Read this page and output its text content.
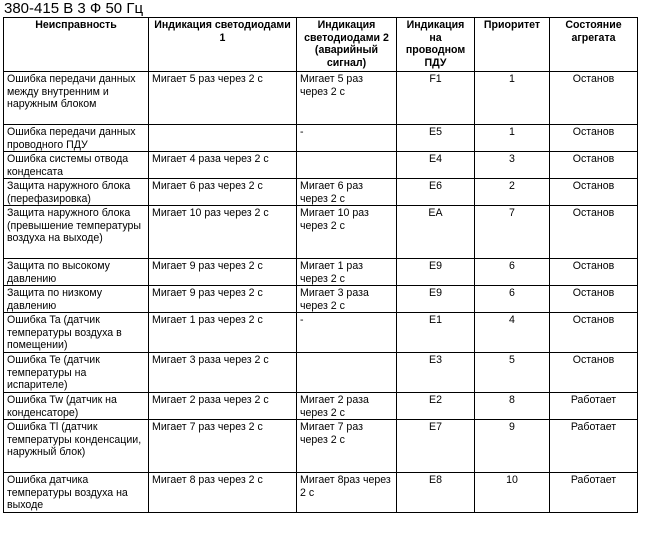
380-415 В 3 Ф 50 Гц
Неисправность	Индикация светодиодами 1	Индикация светодиодами 2 (аварийный сигнал)	Индикация на проводном ПДУ	Приоритет	Состояние агрегата
Ошибка передачи данных между внутренним и наружным блоком	Мигает 5 раз через 2 с	Мигает 5 раз через 2 с	F1	1	Останов
Ошибка передачи данных проводного ПДУ		-	E5	1	Останов
Ошибка системы отвода конденсата	Мигает 4 раза через 2 с		E4	3	Останов
Защита наружного блока (перефазировка)	Мигает 6 раз через 2 с	Мигает 6 раз через 2 с	E6	2	Останов
Защита наружного блока (превышение температуры воздуха на выходе)	Мигает 10 раз через 2 с	Мигает 10 раз через 2 с	EA	7	Останов
Защита по высокому давлению	Мигает 9 раз через 2 с	Мигает 1 раз через 2 с	E9	6	Останов
Защита по низкому давлению	Мигает 9 раз через 2 с	Мигает 3 раза через 2 с	E9	6	Останов
Ошибка Ta (датчик температуры воздуха в помещении)	Мигает 1 раз через 2 с	-	E1	4	Останов
Ошибка Te (датчик температуры на испарителе)	Мигает 3 раза через 2 с		E3	5	Останов
Ошибка Tw (датчик на конденсаторе)	Мигает 2 раза через 2 с	Мигает 2 раза через 2 с	E2	8	Работает
Ошибка Tl (датчик температуры конденсации, наружный блок)	Мигает 7 раз через 2 с	Мигает 7 раз через 2 с	E7	9	Работает
Ошибка датчика температуры воздуха на выходе	Мигает 8 раз через 2 с	Мигает 8раз через 2 с	E8	10	Работает
